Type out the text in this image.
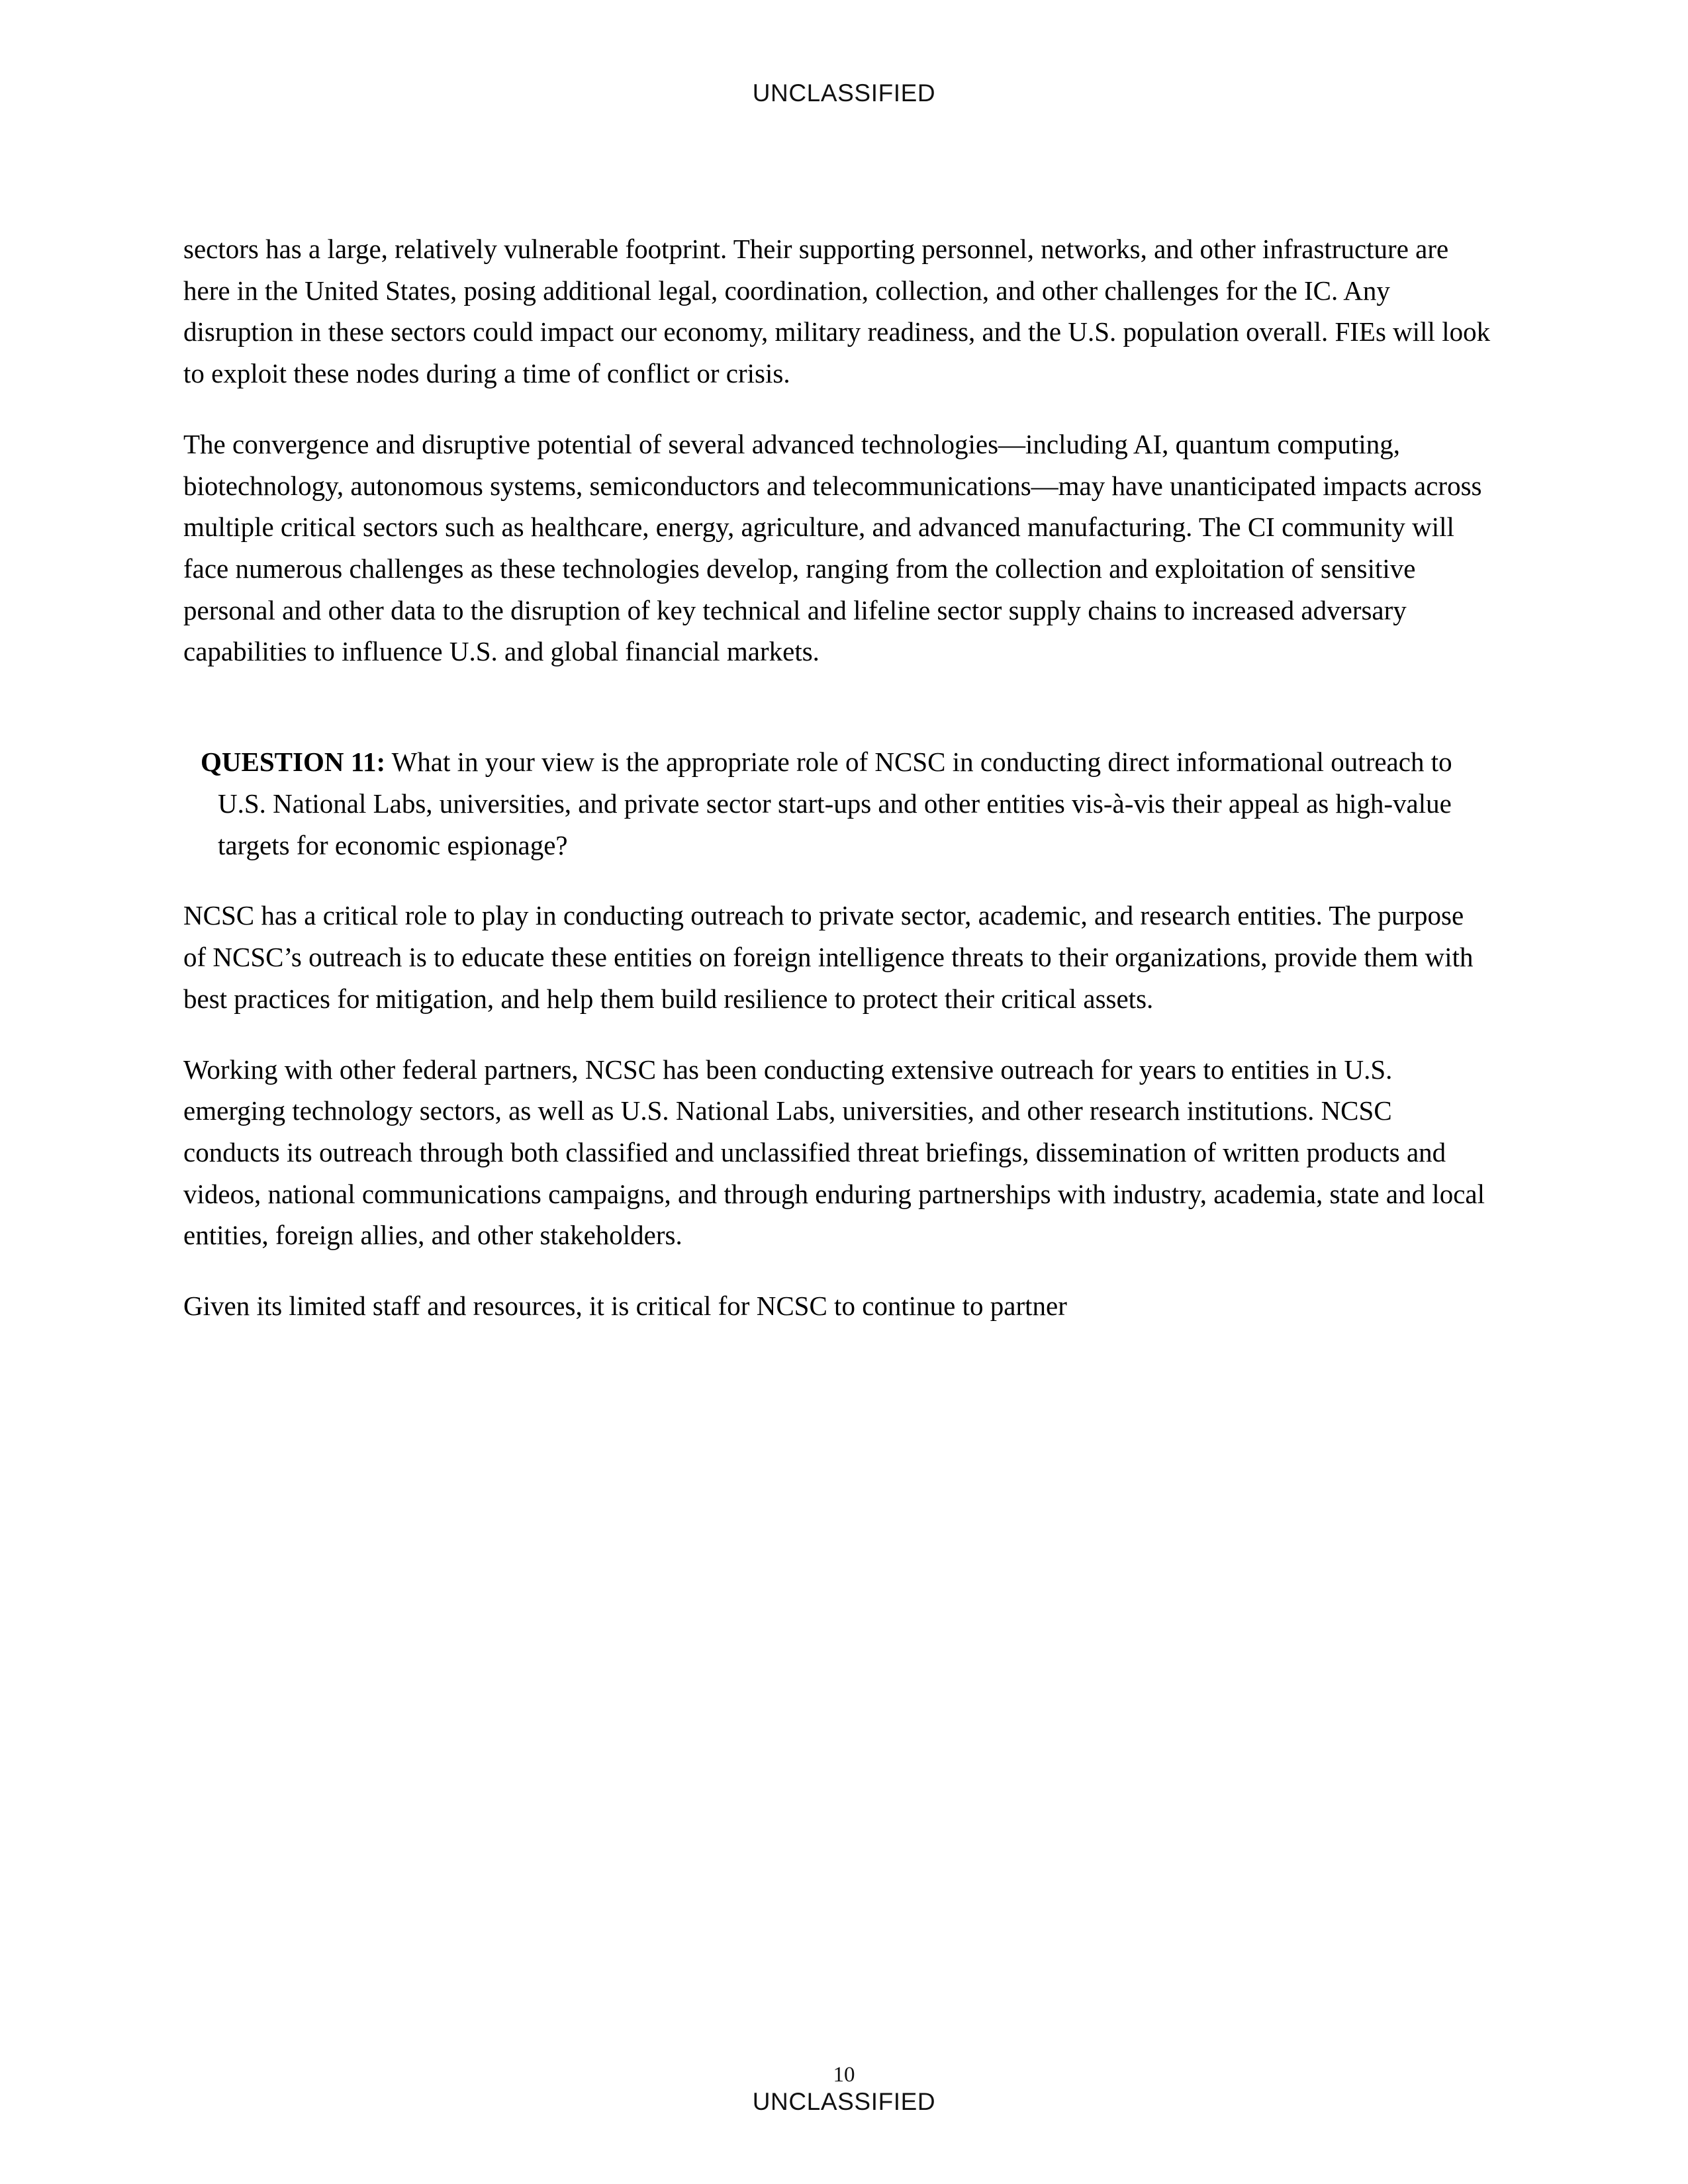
UNCLASSIFIED

sectors has a large, relatively vulnerable footprint. Their supporting personnel, networks, and other infrastructure are here in the United States, posing additional legal, coordination, collection, and other challenges for the IC. Any disruption in these sectors could impact our economy, military readiness, and the U.S. population overall. FIEs will look to exploit these nodes during a time of conflict or crisis.

The convergence and disruptive potential of several advanced technologies—including AI, quantum computing, biotechnology, autonomous systems, semiconductors and telecommunications—may have unanticipated impacts across multiple critical sectors such as healthcare, energy, agriculture, and advanced manufacturing. The CI community will face numerous challenges as these technologies develop, ranging from the collection and exploitation of sensitive personal and other data to the disruption of key technical and lifeline sector supply chains to increased adversary capabilities to influence U.S. and global financial markets.

QUESTION 11: What in your view is the appropriate role of NCSC in conducting direct informational outreach to U.S. National Labs, universities, and private sector start-ups and other entities vis-à-vis their appeal as high-value targets for economic espionage?

NCSC has a critical role to play in conducting outreach to private sector, academic, and research entities. The purpose of NCSC’s outreach is to educate these entities on foreign intelligence threats to their organizations, provide them with best practices for mitigation, and help them build resilience to protect their critical assets.

Working with other federal partners, NCSC has been conducting extensive outreach for years to entities in U.S. emerging technology sectors, as well as U.S. National Labs, universities, and other research institutions. NCSC conducts its outreach through both classified and unclassified threat briefings, dissemination of written products and videos, national communications campaigns, and through enduring partnerships with industry, academia, state and local entities, foreign allies, and other stakeholders.

Given its limited staff and resources, it is critical for NCSC to continue to partner

10
UNCLASSIFIED
